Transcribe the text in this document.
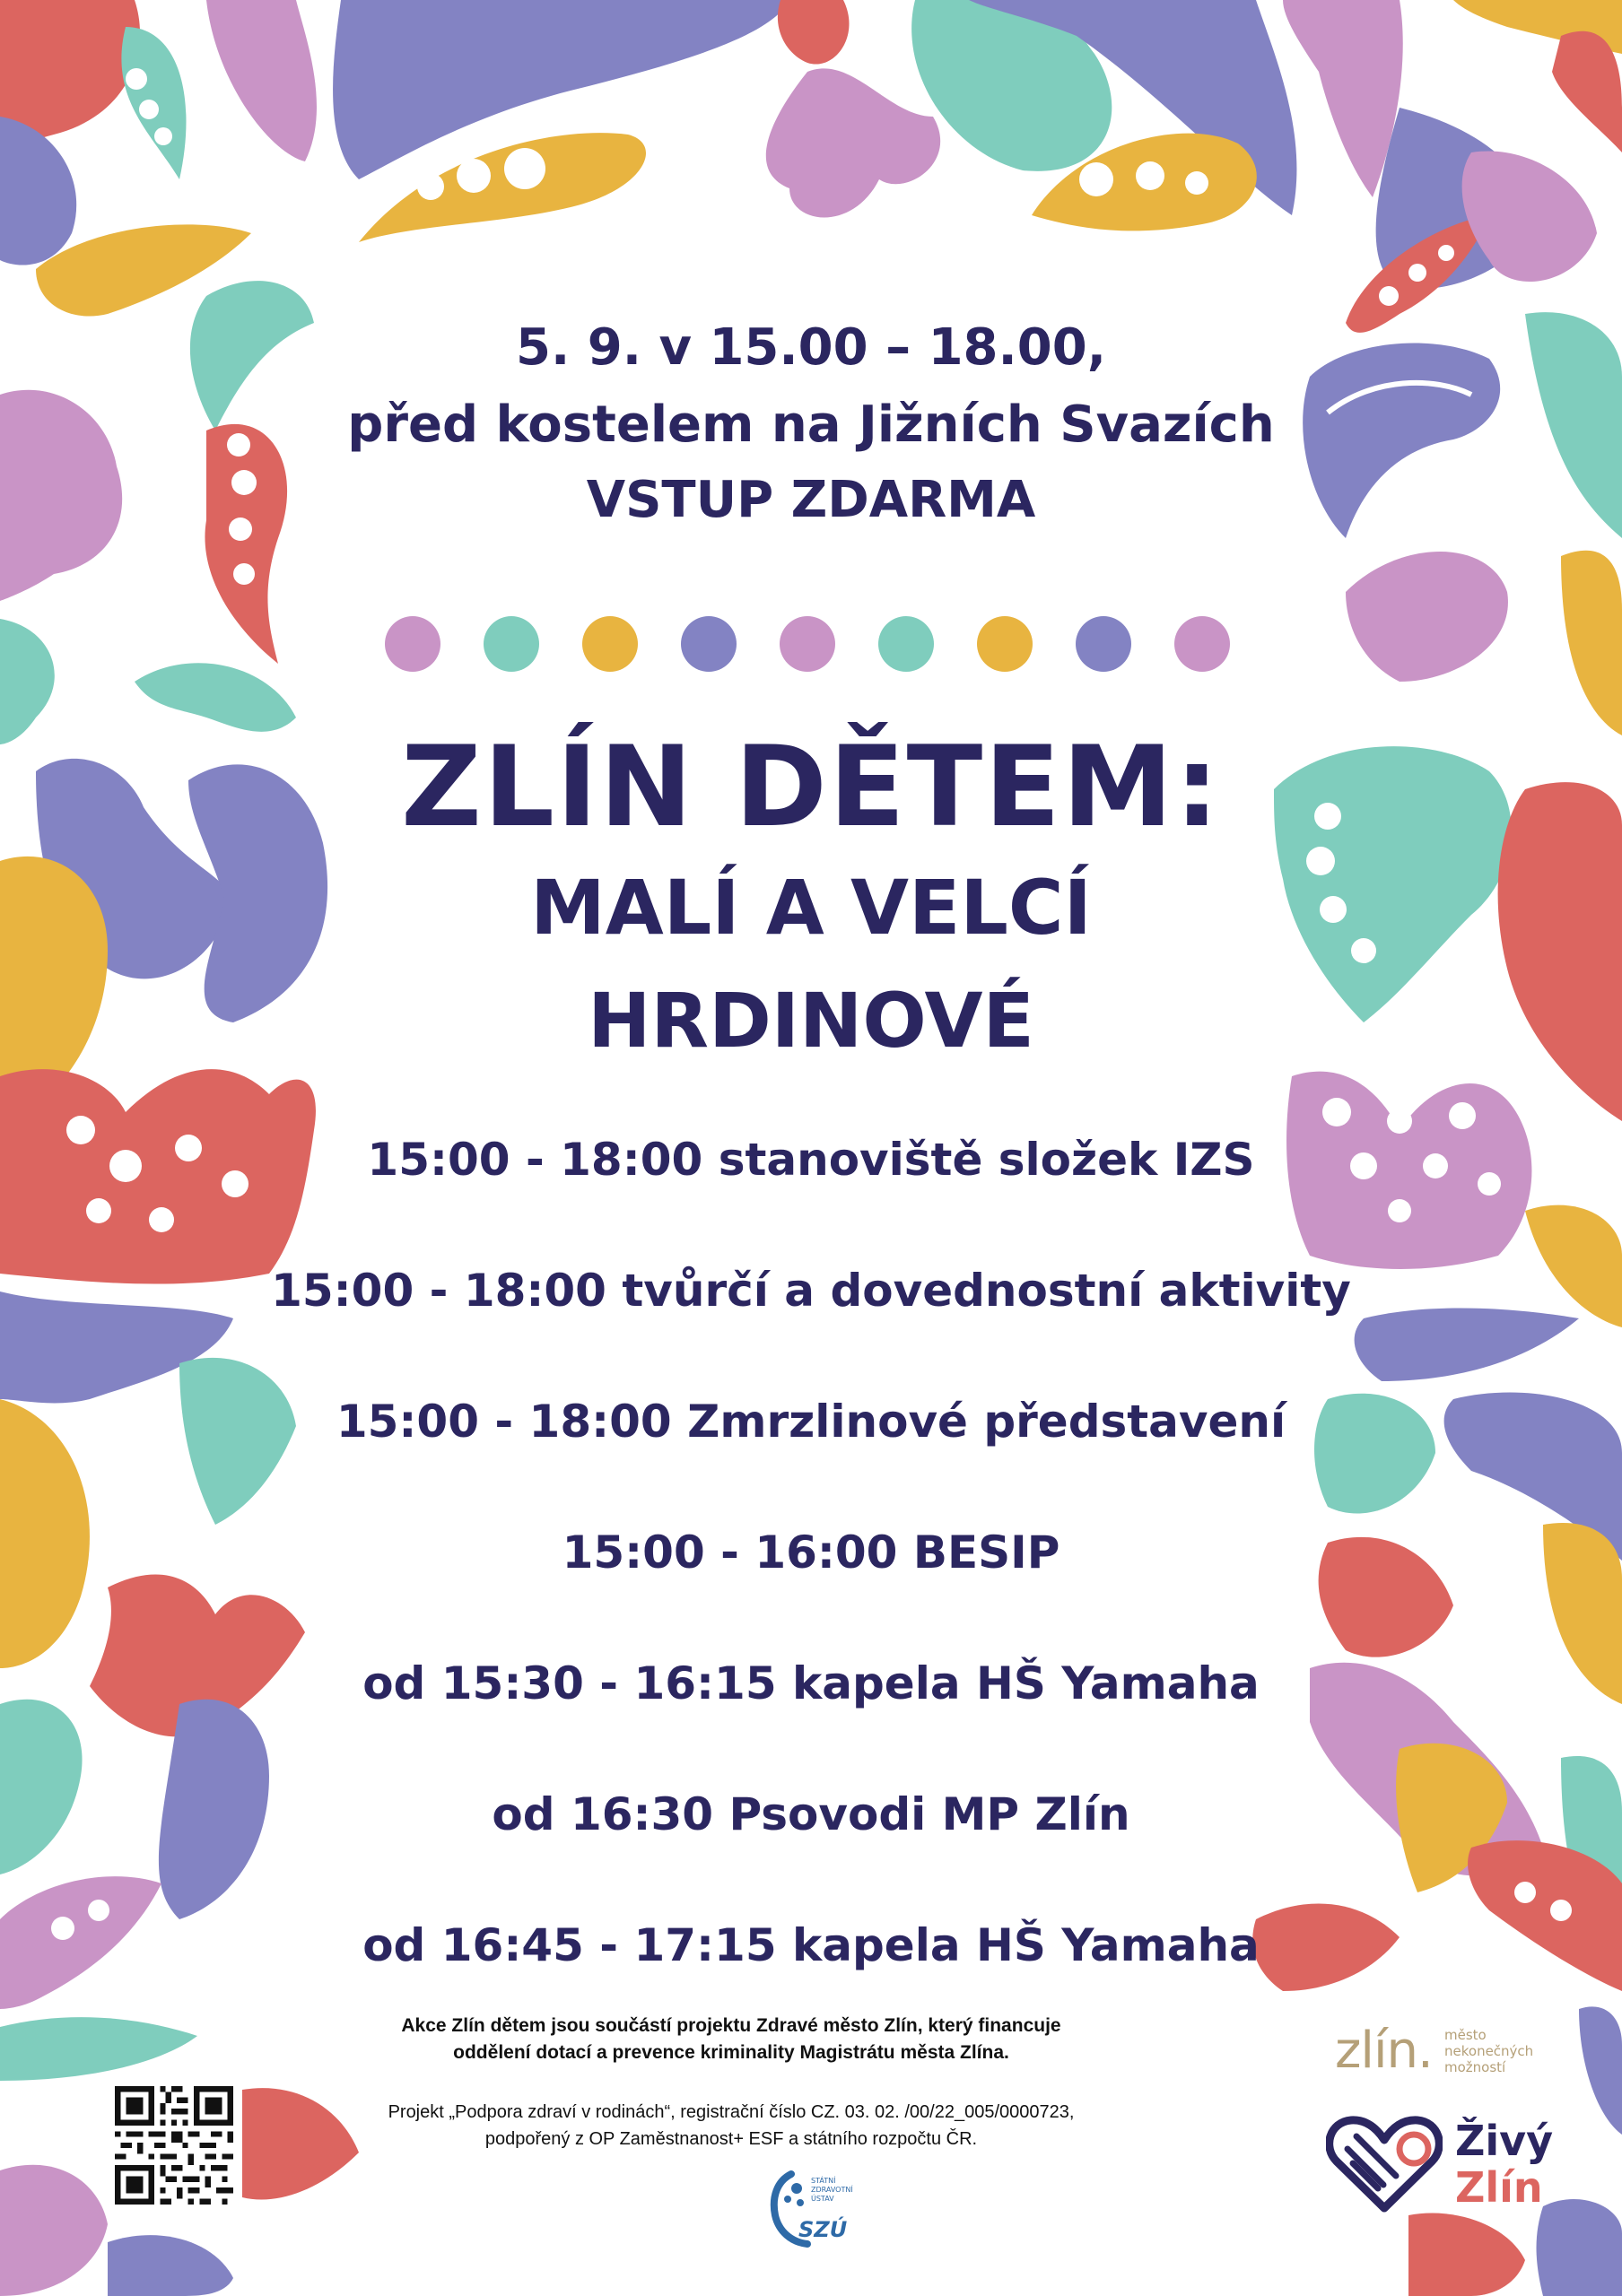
5. 9. v 15.00 – 18.00,
před kostelem na Jižních Svazích
VSTUP ZDARMA
ZLÍN DĚTEM:
MALÍ A VELCÍ
HRDINOVÉ
15:00 - 18:00 stanoviště složek IZS
15:00 - 18:00 tvůrčí a dovednostní aktivity
15:00 - 18:00 Zmrzlinové představení
15:00 - 16:00 BESIP
od 15:30 - 16:15 kapela HŠ Yamaha
od 16:30 Psovodi MP Zlín
od 16:45 - 17:15 kapela HŠ Yamaha
Akce Zlín dětem jsou součástí projektu Zdravé město Zlín, který financuje
oddělení dotací a prevence kriminality Magistrátu města Zlína.
Projekt „Podpora zdraví v rodinách“, registrační číslo CZ. 03. 02. /00/22_005/0000723,
podpořený z OP Zaměstnanost+ ESF a státního rozpočtu ČR.
STÁTNÍ
ZDRAVOTNÍ
ÚSTAV
SZÚ
zlín. město
nekonečných
možností
Živý
Zlín
